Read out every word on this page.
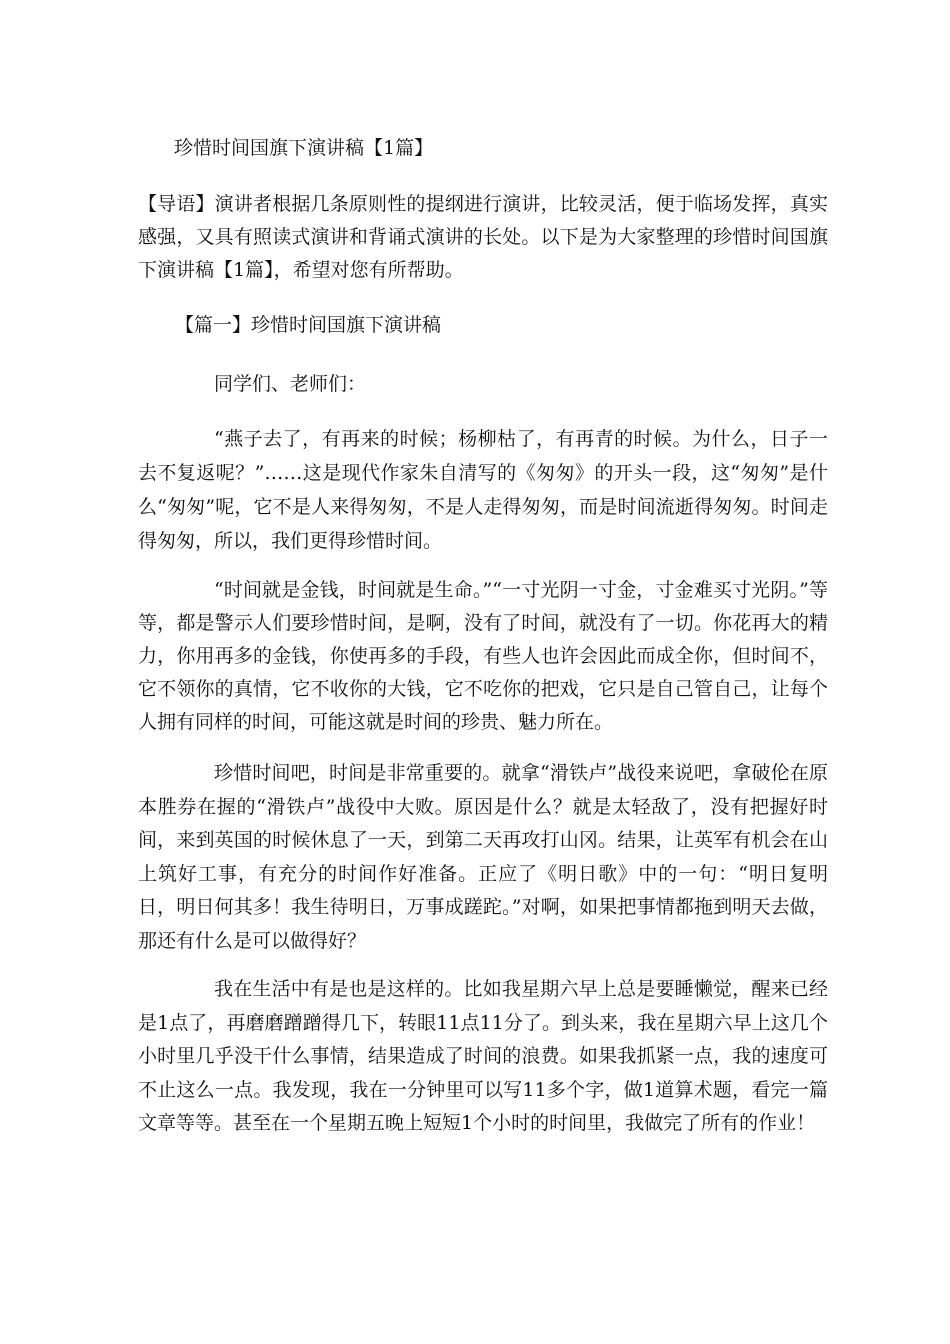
珍惜时间国旗下演讲稿【1篇】

【导语】演讲者根据几条原则性的提纲进行演讲，比较灵活，便于临场发挥，真实感强，又具有照读式演讲和背诵式演讲的长处。以下是为大家整理的珍惜时间国旗下演讲稿【1篇】，希望对您有所帮助。

【篇一】珍惜时间国旗下演讲稿

同学们、老师们：

“燕子去了，有再来的时候；杨柳枯了，有再青的时候。为什么，日子一去不复返呢？”……这是现代作家朱自清写的《匆匆》的开头一段，这“匆匆”是什么“匆匆”呢，它不是人来得匆匆，不是人走得匆匆，而是时间流逝得匆匆。时间走得匆匆，所以，我们更得珍惜时间。

“时间就是金钱，时间就是生命。”“一寸光阴一寸金，寸金难买寸光阴。”等等，都是警示人们要珍惜时间，是啊，没有了时间，就没有了一切。你花再大的精力，你用再多的金钱，你使再多的手段，有些人也许会因此而成全你，但时间不，它不领你的真情，它不收你的大钱，它不吃你的把戏，它只是自己管自己，让每个人拥有同样的时间，可能这就是时间的珍贵、魅力所在。

珍惜时间吧，时间是非常重要的。就拿“滑铁卢”战役来说吧，拿破伦在原本胜券在握的“滑铁卢”战役中大败。原因是什么？就是太轻敌了，没有把握好时间，来到英国的时候休息了一天，到第二天再攻打山冈。结果，让英军有机会在山上筑好工事，有充分的时间作好准备。正应了《明日歌》中的一句：“明日复明日，明日何其多！我生待明日，万事成蹉跎。”对啊，如果把事情都拖到明天去做，那还有什么是可以做得好？

我在生活中有是也是这样的。比如我星期六早上总是要睡懒觉，醒来已经是1点了，再磨磨蹭蹭得几下，转眼11点11分了。到头来，我在星期六早上这几个小时里几乎没干什么事情，结果造成了时间的浪费。如果我抓紧一点，我的速度可不止这么一点。我发现，我在一分钟里可以写11多个字，做1道算术题，看完一篇文章等等。甚至在一个星期五晚上短短1个小时的时间里，我做完了所有的作业！
